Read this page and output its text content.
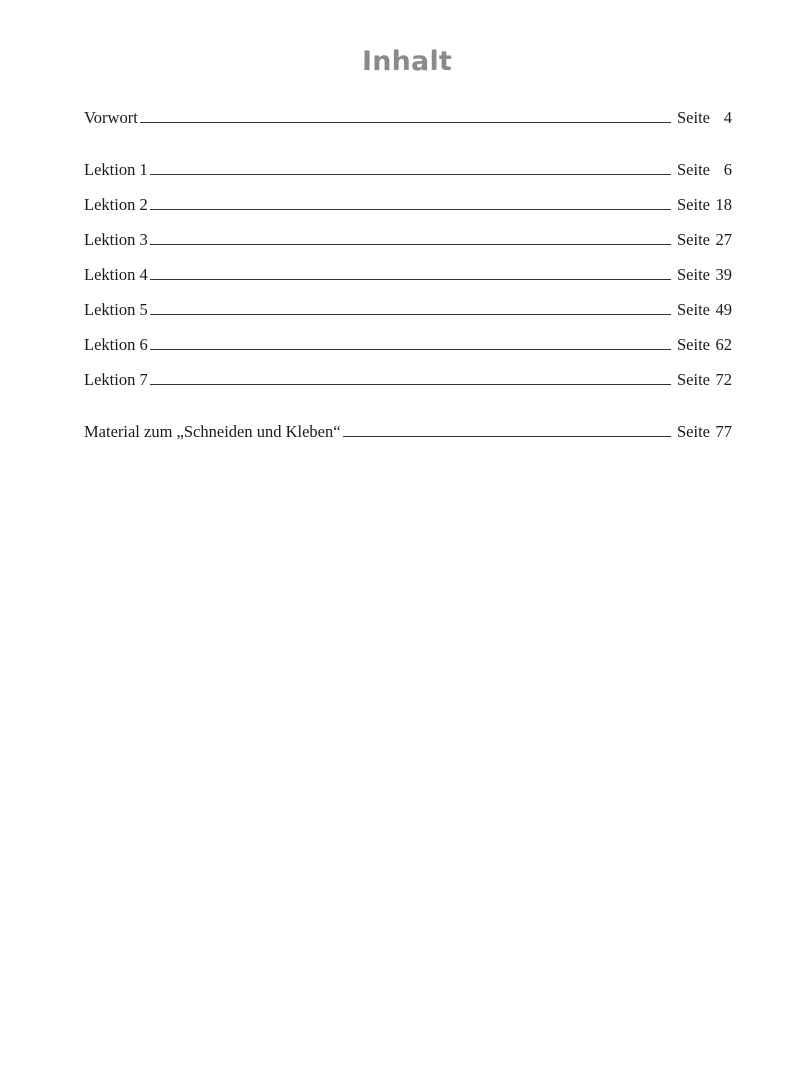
Inhalt
Vorwort	Seite 4
Lektion 1	Seite 6
Lektion 2	Seite 18
Lektion 3	Seite 27
Lektion 4	Seite 39
Lektion 5	Seite 49
Lektion 6	Seite 62
Lektion 7	Seite 72
Material zum „Schneiden und Kleben“	Seite 77
